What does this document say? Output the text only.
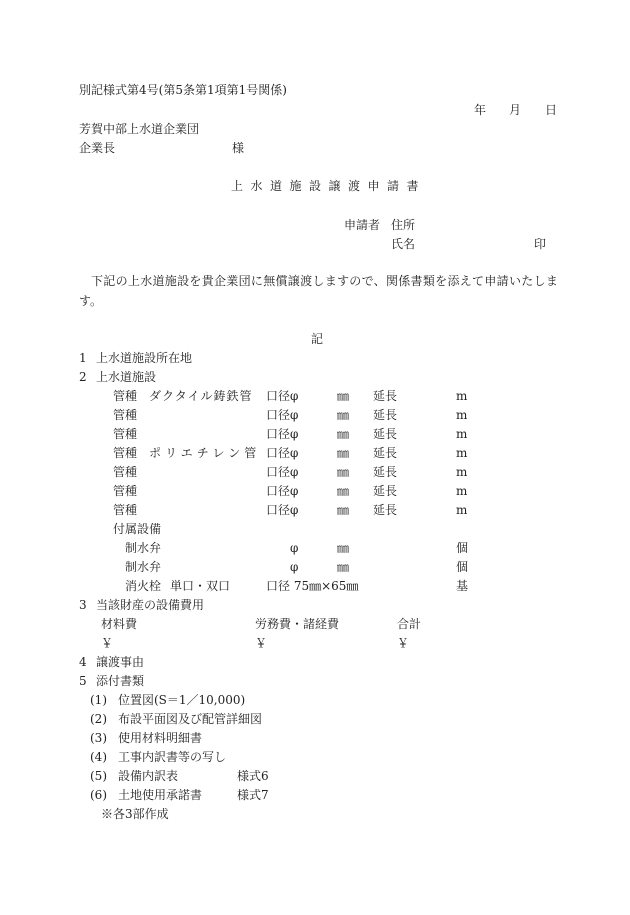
別記様式第4号(第5条第1項第1号関係)
年 月 日
芳賀中部上水道企業団
企業長	様
上水道施設譲渡申請書
申請者 住所
氏名	印
下記の上水道施設を貴企業団に無償譲渡しますので、関係書類を添えて申請いたしま
す。
記
1 上水道施設所在地
2 上水道施設
管種 ダクタイル鋳鉄管 口径φ	㎜ 延長	m
管種	口径φ	㎜ 延長	m
管種	口径φ	㎜ 延長	m
管種 ポリエチレン管 口径φ	㎜ 延長	m
管種	口径φ	㎜ 延長	m
管種	口径φ	㎜ 延長	m
管種	口径φ	㎜ 延長	m
付属設備
制水弁	φ	㎜	個
制水弁	φ	㎜	個
消火栓 単口・双口	口径 75㎜×65㎜	基
3 当該財産の設備費用
材料費	労務費・諸経費	合計
￥	￥	￥
4 譲渡事由
5 添付書類
(1) 位置図(S＝1／10,000)
(2) 布設平面図及び配管詳細図
(3) 使用材料明細書
(4) 工事内訳書等の写し
(5) 設備内訳表	様式6
(6) 土地使用承諾書	様式7
※各3部作成
